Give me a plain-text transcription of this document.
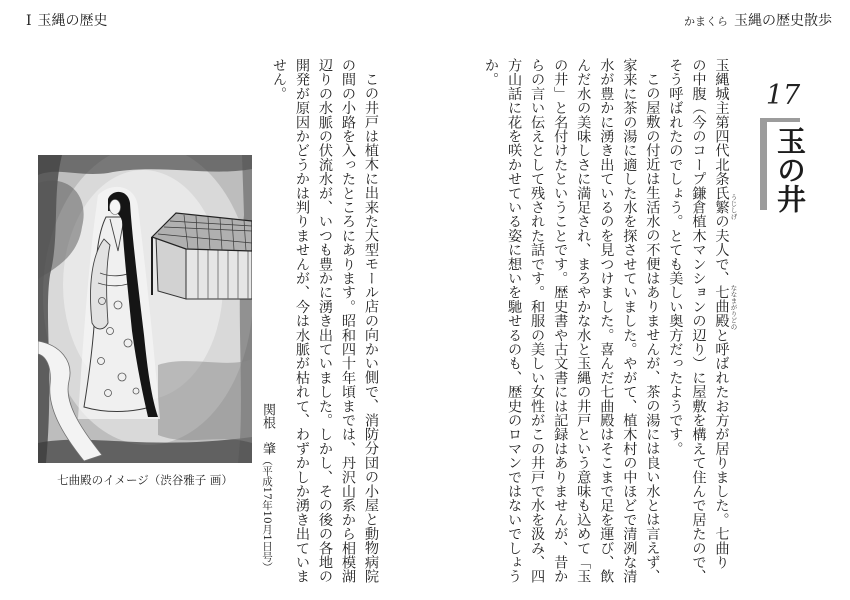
Ⅰ 玉縄の歴史
七曲殿のイメージ（渋谷雅子 画）	この井戸は植木に出来た大型モール店の向かい側で、消防分団の小屋と動物病院
の間の小路を入ったところにあります。昭和四十年頃までは、丹沢山系から相模湖
辺りの水脈の伏流水が、いつも豊かに湧き出ていました。しかし、その後の各地の
開発が原因かどうかは判りませんが、今は水脈が枯れて、わずかしか湧き出ていま
せん。
関根　肇（平成17年10月1日号）
かまくら 玉縄の歴史散歩
17
玉の井
玉縄城主第四代北条氏繁 うじしげ
の夫人で、七曲殿 ななまがりどの
と呼ばれたお方が居りました。七曲り
の中腹（今のコープ鎌倉植木マンションの辺り）に屋敷を構えて住んで居たので、
そう呼ばれたのでしょう。とても美しい奥方だったようです。
この屋敷の付近は生活水の不便はありませんが、茶の湯には良い水とは言えず、
家来に茶の湯に適した水を探させていました。やがて、植木村の中ほどで清冽な清
水が豊かに湧き出ているのを見つけました。喜んだ七曲殿はそこまで足を運び、飲
んだ水の美味しさに満足され、まろやかな水と玉縄の井戸という意味も込めて「玉
の井」と名付けたということです。歴史書や古文書には記録はありませんが、昔か
らの言い伝えとして残された話です。和服の美しい女性がこの井戸で水を汲み、四
方山話に花を咲かせている姿に想いを馳せるのも、歴史のロマンではないでしょう
か。
